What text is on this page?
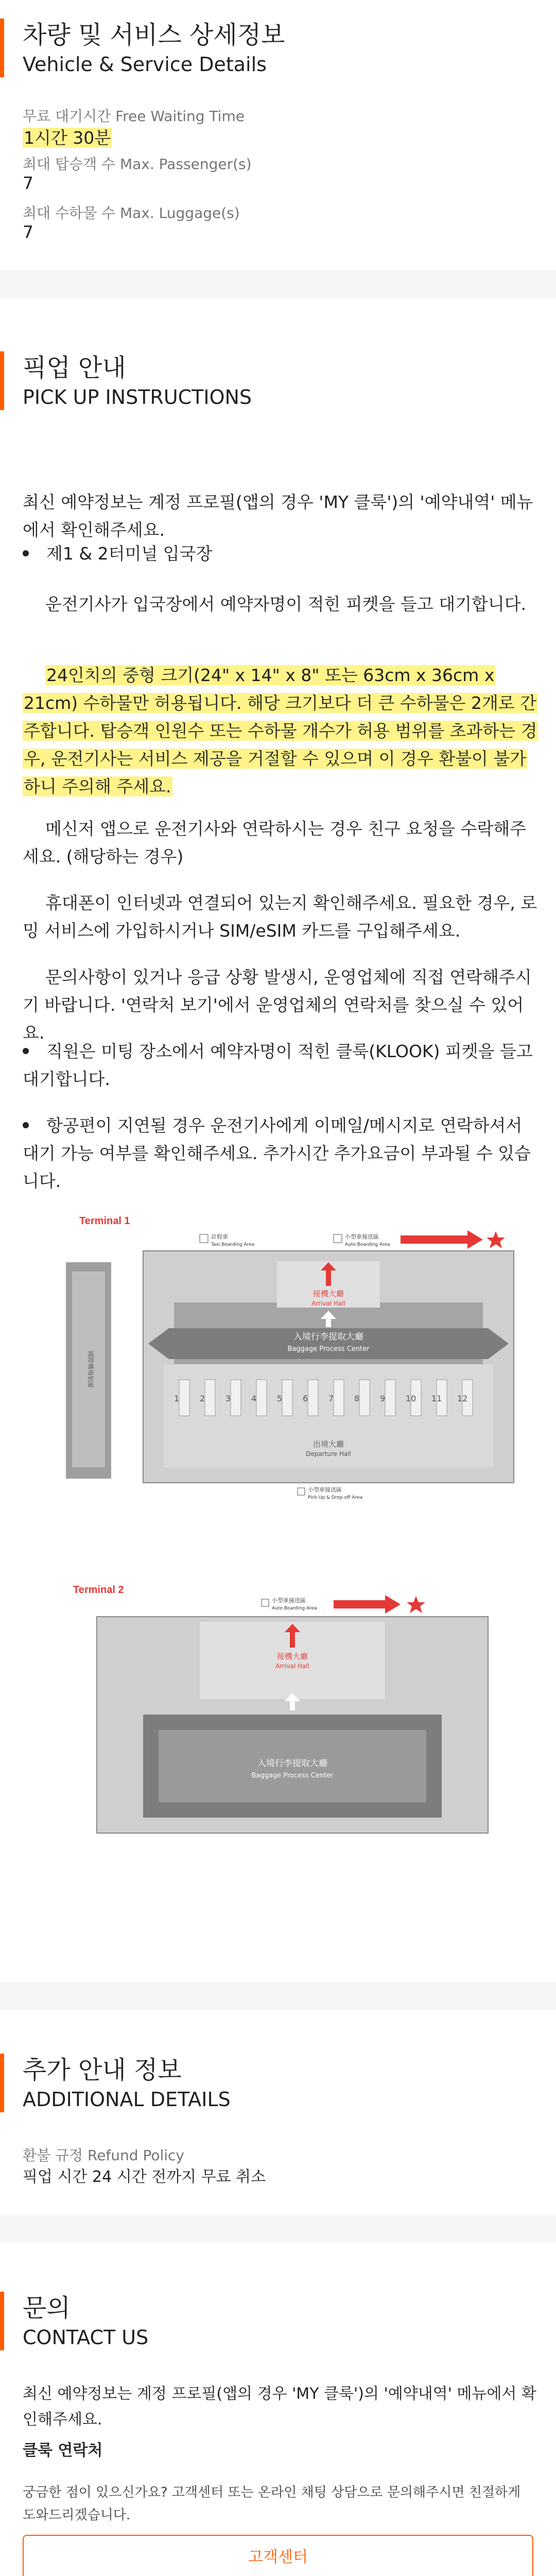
차량 및 서비스 상세정보
Vehicle & Service Details
무료 대기시간 Free Waiting Time
1시간 30분
최대 탑승객 수 Max. Passenger(s)
7
최대 수하물 수 Max. Luggage(s)
7
픽업 안내
PICK UP INSTRUCTIONS
최신 예약정보는 계정 프로필(앱의 경우 'MY 클룩')의 '예약내역' 메뉴에서 확인해주세요.
제1 & 2터미널 입국장
운전기사가 입국장에서 예약자명이 적힌 피켓을 들고 대기합니다.
24인치의 중형 크기(24" x 14" x 8" 또는 63cm x 36cm x 21cm) 수하물만 허용됩니다. 해당 크기보다 더 큰 수하물은 2개로 간주합니다. 탑승객 인원수 또는 수하물 개수가 허용 범위를 초과하는 경우, 운전기사는 서비스 제공을 거절할 수 있으며 이 경우 환불이 불가하니 주의해 주세요.
메신저 앱으로 운전기사와 연락하시는 경우 친구 요청을 수락해주세요. (해당하는 경우)
휴대폰이 인터넷과 연결되어 있는지 확인해주세요. 필요한 경우, 로밍 서비스에 가입하시거나 SIM/eSIM 카드를 구입해주세요.
문의사항이 있거나 응급 상황 발생시, 운영업체에 직접 연락해주시기 바랍니다. '연락처 보기'에서 운영업체의 연락처를 찾으실 수 있어요.
직원은 미팅 장소에서 예약자명이 적힌 클룩(KLOOK) 피켓을 들고 대기합니다.
항공편이 지연될 경우 운전기사에게 이메일/메시지로 연락하셔서 대기 가능 여부를 확인해주세요. 추가시간 추가요금이 부과될 수 있습니다.
Terminal 1
國際機場航廈
入境行李提取大廳
Baggage Process Center
接機大廳
Arrival Hall
1 2 3 4 5 6 7 8 9 10 11 12
出境大廳
Departure Hall
計程車
Taxi Boarding Area
小型車接送區
Auto Boarding Area
小型車接送區
Pick Up & Drop-off Area
Terminal 2
接機大廳
Arrival Hall
入境行李提取大廳
Baggage Process Center
小型車接送區
Auto Boarding Area
추가 안내 정보
ADDITIONAL DETAILS
환불 규정 Refund Policy
픽업 시간 24 시간 전까지 무료 취소
문의
CONTACT US
최신 예약정보는 계정 프로필(앱의 경우 'MY 클룩')의 '예약내역' 메뉴에서 확인해주세요.
클룩 연락처
궁금한 점이 있으신가요? 고객센터 또는 온라인 채팅 상담으로 문의해주시면 친절하게 도와드리겠습니다.
고객센터
